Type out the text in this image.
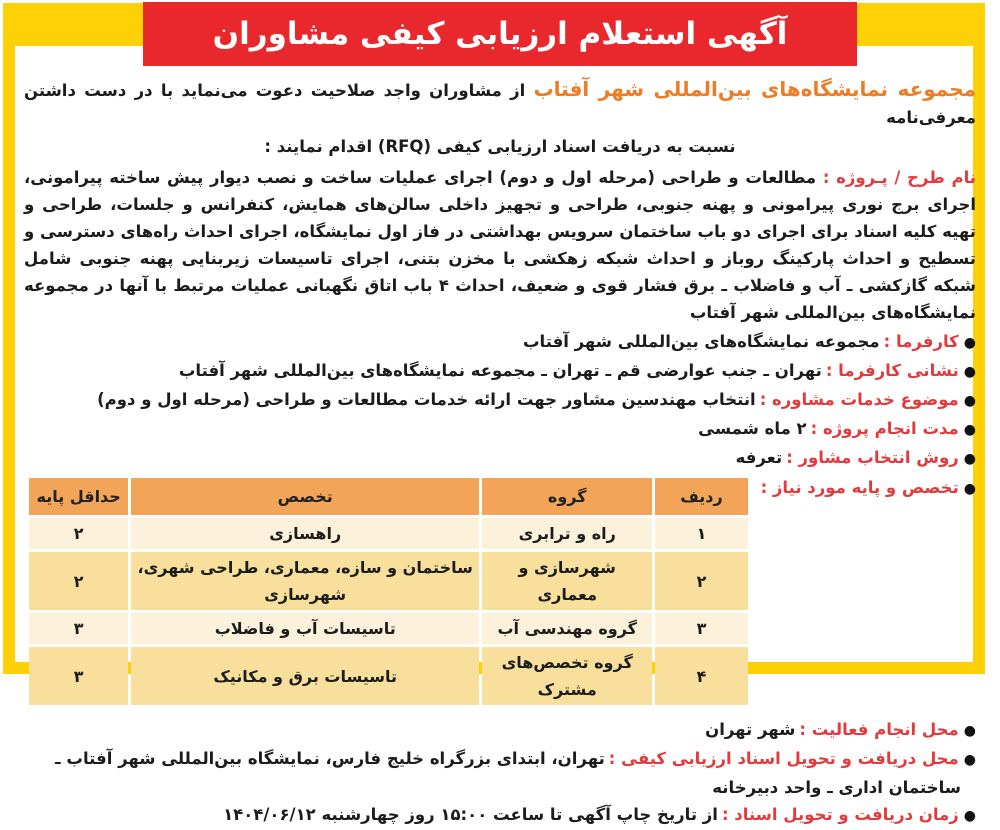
آگهی استعلام ارزیابی کیفی مشاوران
مجموعه نمایشگاه‌های بین‌المللی شهر آفتاب از مشاوران واجد صلاحیت دعوت می‌نماید با در دست داشتن معرفی‌نامه
نسبت به دریافت اسناد ارزیابی کیفی (RFQ) اقدام نمایند :
نام طرح / پـروژه : مطالعات و طراحی (مرحله اول و دوم) اجرای عملیات ساخت و نصب دیوار پیش ساخته پیرامونی، اجرای برج نوری پیرامونی و پهنه جنوبی، طراحی و تجهیز داخلی سالن‌های همایش، کنفرانس و جلسات، طراحی و تهیه کلیه اسناد برای اجرای دو باب ساختمان سرویس بهداشتی در فاز اول نمایشگاه، اجرای احداث راه‌های دسترسی و تسطیح و احداث پارکینگ روباز و احداث شبکه زهکشی با مخزن بتنی، اجرای تاسیسات زیربنایی پهنه جنوبی شامل شبکه گازکشی ـ آب و فاضلاب ـ برق فشار قوی و ضعیف، احداث ۴ باب اتاق نگهبانی عملیات مرتبط با آنها در مجموعه نمایشگاه‌های بین‌المللی شهر آفتاب
●کارفرما :مجموعه نمایشگاه‌های بین‌المللی شهر آفتاب
●نشانی کارفرما :تهران ـ جنب عوارضی قم ـ تهران ـ مجموعه نمایشگاه‌های بین‌المللی شهر آفتاب
●موضوع خدمات مشاوره :انتخاب مهندسین مشاور جهت ارائه خدمات مطالعات و طراحی (مرحله اول و دوم)
●مدت انجام پروژه :۲ ماه شمسی
●روش انتخاب مشاور :تعرفه
●تخصص و پایه مورد نیاز :
ردیف	گروه	تخصص	حداقل پایه
۱	راه و ترابری	راهسازی	۲
۲	شهرسازی و معماری	ساختمان و سازه، معماری، طراحی شهری، شهرسازی	۲
۳	گروه مهندسی آب	تاسیسات آب و فاضلاب	۳
۴	گروه تخصص‌های مشترک	تاسیسات برق و مکانیک	۳
●محل انجام فعالیت :شهر تهران
●محل دریافت و تحویل اسناد ارزیابی کیفی :تهران، ابتدای بزرگراه خلیج فارس، نمایشگاه بین‌المللی شهر آفتاب ـ ساختمان اداری ـ واحد دبیرخانه
●زمان دریافت و تحویل اسناد :از تاریخ چاپ آگهی تا ساعت ۱۵:۰۰ روز چهارشنبه ۱۴۰۴/۰۶/۱۲
